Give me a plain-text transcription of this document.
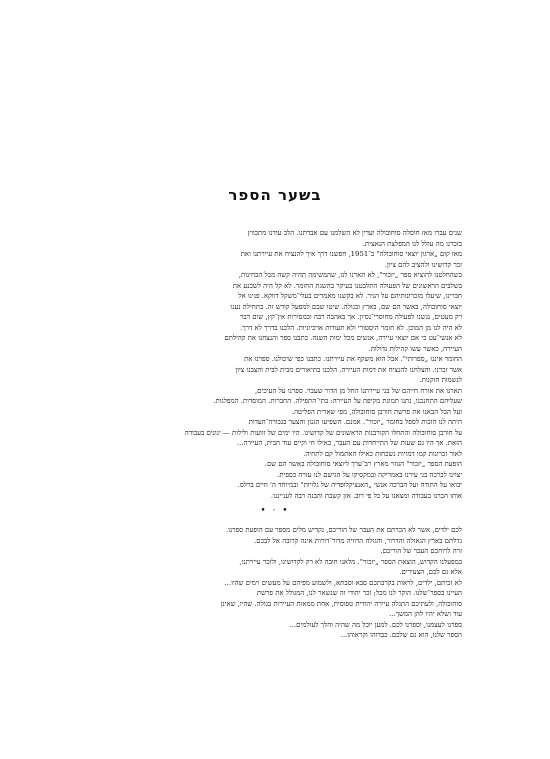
בשער הספר
שנים עברו מאז חוסלה סוחובולה ועדין לא השלמנו עם אבדתנו. הלב עודנו מתכווץ
בזכרנו מה עולל לנו המפלצת הנאצית.
מאז קום „ארגון יוצאי סוחובולה" ב־1951, חפשנו דרך איך להנציח את עיירתנו ואת
זכר קדושינו ולהציב להם ציון.
כשהחלטנו להוציא ספר „יזכור", לא תארנו לנו, שהמשימה תהיה קשה מכל הבחינות,
בשלבים הראשונים של הפעולה התלבטנו בעיקר בהשגת החומר. לא קל היה לשכנע את
חברינו, שיעלו מזכרונותיהם על הניר. לא בקשנו מאמרים בעלי־משקל דווקא. פנינו אל
יוצאי סוחובולה, באשר הם שם, בארץ ובגולה. שיטו שכם למפעל קודש זה. בתחילה נענו
רק מעטים, נגשנו לפעולה מחוסרי־נסיון. אך באהבה רבה ובמסירות אין־קץ, שום דבר
לא היה לנו מן המוכן. לא חומר היסטורי ולא תעודות ארכיוניות. הלכנו בדרך לא דרך.
לא אנשי־עט כי אם יוצאי עיירה, אנשים מכל ימות השנה. כתבנו ספר והנצחנו את קהילתם
העיירה, כאשר עשו קהילות גדולות.
החומר איננו „ספרותי". אבל הוא משקף את עיירתנו. כתבנו כפי שיכולנו. ספרנו את
אשר זכרנו. והצלחנו להנציח את דמות העיירה. הלכנו בתיאורים מבית לבית והצבנו ציון
לנשמות הזקנות.
תארנו את אורח חייהם של בני עיירתנו החל מן הדור שעבר. ספרנו על העיכים,
שעליהם התחנכנו, נתנו תמונת מקיפה על העיירה: בתי־התפילה. החברות. המוסדות. המפלגות.
ועל הכל הבאנו את פרשת חורבן סוחובולה, מפי שארית הפליטה.
היתה לנו הזכות לספל בחומר „יזכור". אמנם. השפיעו הגנון והצער בגבורה־העדות
על חורבן סוחובולה והתחלו הקורבנות הראשונים של קדושינו. היו ימים של זוועות ולילות — יגונים בעבודה
הזאת. אך היו גם שעות של התייחדות עם העבר, כאילו חי וקיים עוד הבית, העיירה...
לאור זכרונות קמו דמויות נשכחות כאילו האתמול קם לתחיה.
הופעת הספר „יזכור" הגוזר מארץ רב־ערך ליוצאי סוחובולה באשר הם שם.
יצוינו לברכה בני עירנו באמריקה ובמקסיקו על הגישם לנו עזרה כספית.
יבואו על התודה ועל הברכה אנשי „האנציקלופדיה של גלויות" ובמיוחד ה' חיים ברלס.
אותו הכרנו בעבודה ומצאנו על כל פי רוב. אזן קשבת והבנה רבה לענייננו.
• ‧ •
לכם ילדים, אשר לא הכרתם את העבר של הוריכם, נקדיש מלים מספר עם הופעת ספרנו.
גדלתם בארץ הגאולה והדרור, והגולה הדוויה מדור־דורות אינה קרובה אל לבכם.
זרה לרוחכם העבר של הוריכם.
במפעלנו הקדוש, הוצאת הספר „יזכור". מלאנו חובה לא רק לקדושינו, ולזכר עיירתנו,
אלא גם לכם, הצעירים.
לא זכיתם, ילדים, לראות בקרבתכם סבא וסבתא, ולשמוע מפיהם על מעשים וימים שהיו...
העיינו בספר־שלנו. הוקר לנו מכל; זכר יהודי זה שנשאר לנו, המגולל את פרשת
סוחובולה, ולעתיכם התגלה עיירה יהודית טפוסית, אחת ממאות העיירות בגולה. שהיו, שאינן
עוד ושלא יהיו להן המשך...
ספרנו לעצמנו, וספרנו לכם. למען יוכל מה שהיה והלך לעולמים...
הספר שלנו, הוא גם שלכם. כבדוהו וקראוהו...
